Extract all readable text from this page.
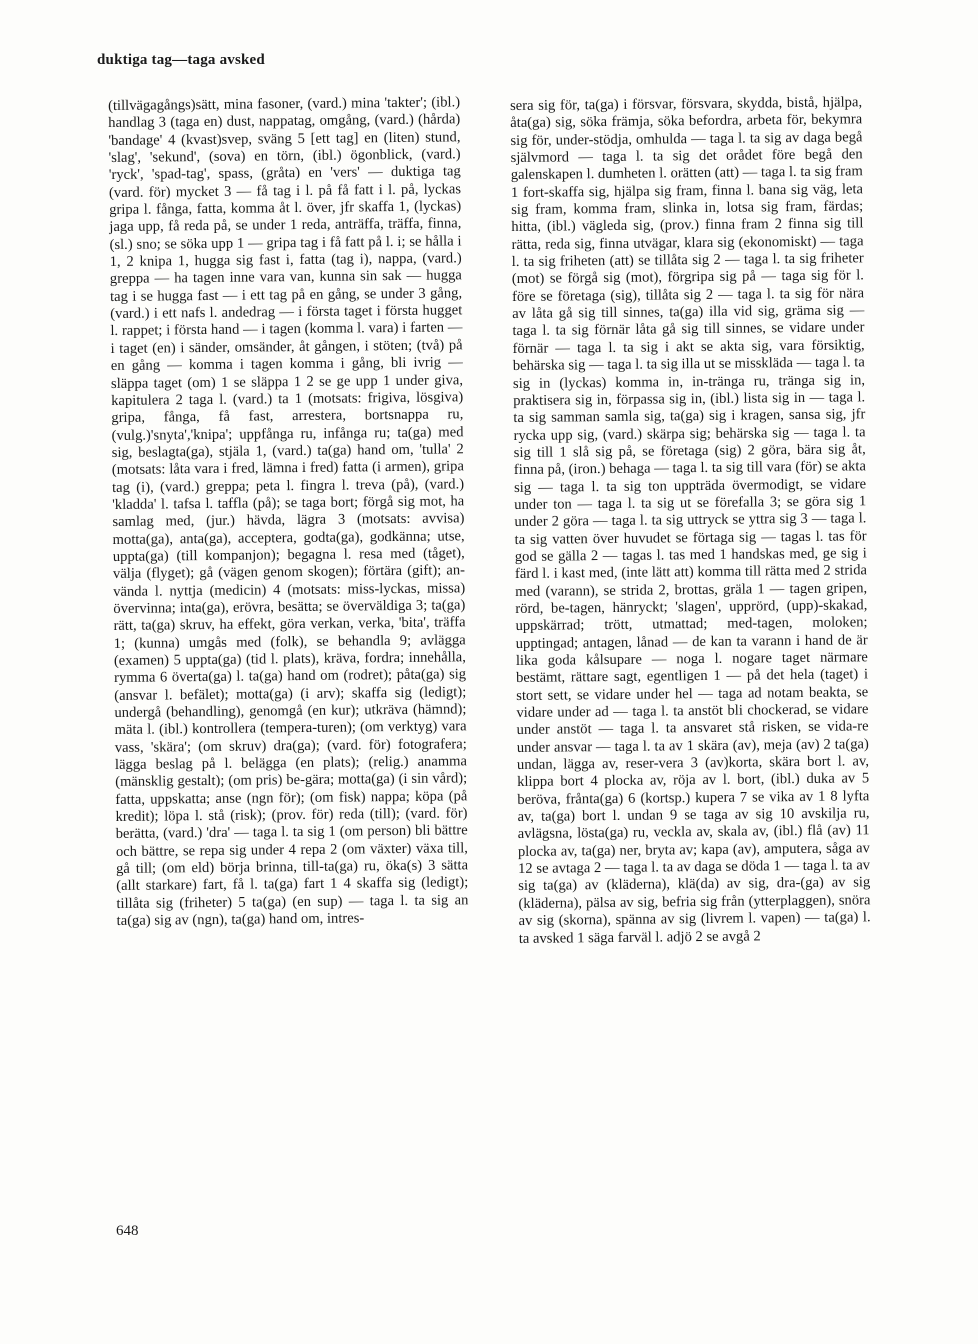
duktiga tag—taga avsked

(tillvägagångs)sätt, mina fasoner, (vard.) mina 'takter'; (ibl.) handlag 3 (taga en) dust, nappatag, omgång, (vard.) (hårda) 'bandage' 4 (kvast)svep, sväng 5 [ett tag] en (liten) stund, 'slag', 'sekund', (sova) en törn, (ibl.) ögonblick, (vard.) 'ryck', 'spad-tag', spass, (gråta) en 'vers' — duktiga tag (vard. för) mycket 3 — få tag i l. på få fatt i l. på, lyckas gripa l. fånga, fatta, komma åt l. över, jfr skaffa 1, (lyckas) jaga upp, få reda på, se under 1 reda, anträffa, träffa, finna, (sl.) sno; se söka upp 1 — gripa tag i få fatt på l. i; se hålla i 1, 2 knipa 1, hugga sig fast i, fatta (tag i), nappa, (vard.) greppa — ha tagen inne vara van, kunna sin sak — hugga tag i se hugga fast — i ett tag på en gång, se under 3 gång, (vard.) i ett nafs l. andedrag — i första taget i första hugget l. rappet; i första hand — i tagen (komma l. vara) i farten — i taget (en) i sänder, omsänder, åt gången, i stöten; (två) på en gång — komma i tagen komma i gång, bli ivrig — släppa taget (om) 1 se släppa 1 2 se ge upp 1 under giva, kapitulera 2 taga l. (vard.) ta 1 (motsats: frigiva, lösgiva) gripa, fånga, få fast, arrestera, bortsnappa ru, (vulg.)'snyta','knipa'; uppfånga ru, infånga ru; ta(ga) med sig, beslagta(ga), stjäla 1, (vard.) ta(ga) hand om, 'tulla' 2 (motsats: låta vara i fred, lämna i fred) fatta (i armen), gripa tag (i), (vard.) greppa; peta l. fingra l. treva (på), (vard.) 'kladda' l. tafsa l. taffla (på); se taga bort; förgå sig mot, ha samlag med, (jur.) hävda, lägra 3 (motsats: avvisa) motta(ga), anta(ga), acceptera, godta(ga), godkänna; utse, uppta(ga) (till kompanjon); begagna l. resa med (tåget), välja (flyget); gå (vägen genom skogen); förtära (gift); an-vända l. nyttja (medicin) 4 (motsats: miss-lyckas, missa) övervinna; inta(ga), erövra, besätta; se överväldiga 3; ta(ga) rätt, ta(ga) skruv, ha effekt, göra verkan, verka, 'bita', träffa 1; (kunna) umgås med (folk), se behandla 9; avlägga (examen) 5 uppta(ga) (tid l. plats), kräva, fordra; innehålla, rymma 6 överta(ga) l. ta(ga) hand om (rodret); påta(ga) sig (ansvar l. befälet); motta(ga) (i arv); skaffa sig (ledigt); undergå (behandling), genomgå (en kur); utkräva (hämnd); mäta l. (ibl.) kontrollera (tempera-turen); (om verktyg) vara vass, 'skära'; (om skruv) dra(ga); (vard. för) fotografera; lägga beslag på l. belägga (en plats); (relig.) anamma (mänsklig gestalt); (om pris) be-gära; motta(ga) (i sin vård); fatta, uppskatta; anse (ngn för); (om fisk) nappa; köpa (på kredit); löpa l. stå (risk); (prov. för) reda (till); (vard. för) berätta, (vard.) 'dra' — taga l. ta sig 1 (om person) bli bättre och bättre, se repa sig under 4 repa 2 (om växter) växa till, gå till; (om eld) börja brinna, till-ta(ga) ru, öka(s) 3 sätta (allt starkare) fart, få l. ta(ga) fart 1 4 skaffa sig (ledigt); tillåta sig (friheter) 5 ta(ga) (en sup) — taga l. ta sig an ta(ga) sig av (ngn), ta(ga) hand om, intres-

sera sig för, ta(ga) i försvar, försvara, skydda, bistå, hjälpa, åta(ga) sig, söka främja, söka befordra, arbeta för, bekymra sig för, under-stödja, omhulda — taga l. ta sig av daga begå självmord — taga l. ta sig det orådet före begå den galenskapen l. dumheten l. orätten (att) — taga l. ta sig fram 1 fort-skaffa sig, hjälpa sig fram, finna l. bana sig väg, leta sig fram, komma fram, slinka in, lotsa sig fram, färdas; hitta, (ibl.) vägleda sig, (prov.) finna fram 2 finna sig till rätta, reda sig, finna utvägar, klara sig (ekonomiskt) — taga l. ta sig friheten (att) se tillåta sig 2 — taga l. ta sig friheter (mot) se förgå sig (mot), förgripa sig på — taga sig för l. före se företaga (sig), tillåta sig 2 — taga l. ta sig för nära av låta gå sig till sinnes, ta(ga) illa vid sig, gräma sig — taga l. ta sig förnär låta gå sig till sinnes, se vidare under förnär — taga l. ta sig i akt se akta sig, vara försiktig, behärska sig — taga l. ta sig illa ut se misskläda — taga l. ta sig in (lyckas) komma in, in-tränga ru, tränga sig in, praktisera sig in, förpassa sig in, (ibl.) lista sig in — taga l. ta sig samman samla sig, ta(ga) sig i kragen, sansa sig, jfr rycka upp sig, (vard.) skärpa sig; behärska sig — taga l. ta sig till 1 slå sig på, se företaga (sig) 2 göra, bära sig åt, finna på, (iron.) behaga — taga l. ta sig till vara (för) se akta sig — taga l. ta sig ton uppträda övermodigt, se vidare under ton — taga l. ta sig ut se förefalla 3; se göra sig 1 under 2 göra — taga l. ta sig uttryck se yttra sig 3 — taga l. ta sig vatten över huvudet se förtaga sig — tagas l. tas för god se gälla 2 — tagas l. tas med 1 handskas med, ge sig i färd l. i kast med, (inte lätt att) komma till rätta med 2 strida med (varann), se strida 2, brottas, gräla 1 — tagen gripen, rörd, be-tagen, hänryckt; 'slagen', upprörd, (upp)-skakad, uppskärrad; trött, utmattad; med-tagen, moloken; upptingad; antagen, lånad — de kan ta varann i hand de är lika goda kålsupare — noga l. nogare taget närmare bestämt, rättare sagt, egentligen 1 — på det hela (taget) i stort sett, se vidare under hel — taga ad notam beakta, se vidare under ad — taga l. ta anstöt bli chockerad, se vidare under anstöt — taga l. ta ansvaret stå risken, se vida-re under ansvar — taga l. ta av 1 skära (av), meja (av) 2 ta(ga) undan, lägga av, reser-vera 3 (av)korta, skära bort l. av, klippa bort 4 plocka av, röja av l. bort, (ibl.) duka av 5 beröva, frånta(ga) 6 (kortsp.) kupera 7 se vika av 1 8 lyfta av, ta(ga) bort l. undan 9 se taga av sig 10 avskilja ru, avlägsna, lösta(ga) ru, veckla av, skala av, (ibl.) flå (av) 11 plocka av, ta(ga) ner, bryta av; kapa (av), amputera, såga av 12 se avtaga 2 — taga l. ta av daga se döda 1 — taga l. ta av sig ta(ga) av (kläderna), klä(da) av sig, dra-(ga) av sig (kläderna), pälsa av sig, befria sig från (ytterplaggen), snöra av sig (skorna), spänna av sig (livrem l. vapen) — ta(ga) l. ta avsked 1 säga farväl l. adjö 2 se avgå 2

648
